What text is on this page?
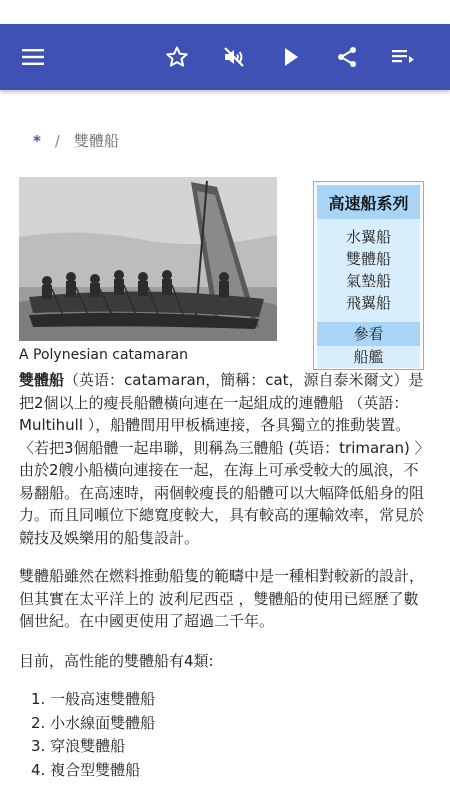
* / 雙體船
A Polynesian catamaran
高速船系列
水翼船
雙體船
氣墊船
飛翼船
參看
船艦
雙體船（英语：catamaran，簡稱：cat，源自泰米爾文）是把2個以上的瘦長船體橫向連在一起組成的連體船 （英語： Multihull ），船體間用甲板橋連接，各具獨立的推動裝置。〈若把3個船體一起串聯，則稱為三體船 (英语：trimaran) 〉由於2艘小船橫向連接在一起，在海上可承受較大的風浪，不易翻船。在高速時，兩個較瘦長的船體可以大幅降低船身的阻力。而且同噸位下總寬度較大，具有較高的運輸效率，常見於競技及娛樂用的船隻設計。
雙體船雖然在燃料推動船隻的範疇中是一種相對較新的設計，但其實在太平洋上的 波利尼西亞 ，雙體船的使用已經歷了數個世紀。在中國更使用了超過二千年。
目前，高性能的雙體船有4類:
1. 一般高速雙體船
2. 小水線面雙體船
3. 穿浪雙體船
4. 複合型雙體船
